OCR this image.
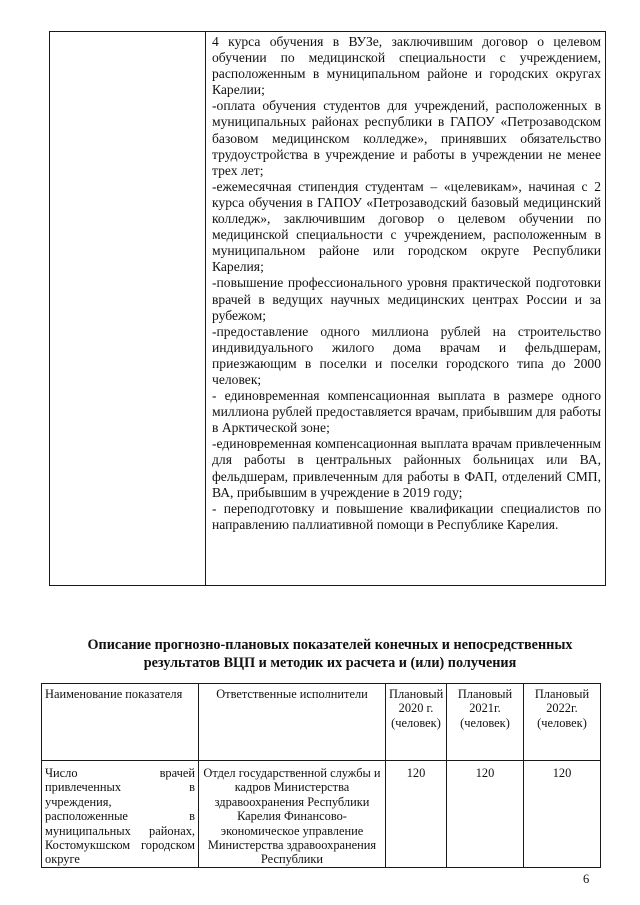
4 курса обучения в ВУЗе, заключившим договор о целевом обучении по медицинской специальности с учреждением, расположенным в муниципальном районе и городских округах Карелии;

-оплата обучения студентов для учреждений, расположенных в муниципальных районах республики в ГАПОУ «Петрозаводском базовом медицинском колледже», принявших обязательство трудоустройства в учреждение и работы в учреждении не менее трех лет;

-ежемесячная стипендия студентам – «целевикам», начиная с 2 курса обучения в ГАПОУ «Петрозаводский базовый медицинский колледж», заключившим договор о целевом обучении по медицинской специальности с учреждением, расположенным в муниципальном районе или городском округе Республики Карелия;

-повышение профессионального уровня практической подготовки врачей в ведущих научных медицинских центрах России и за рубежом;

-предоставление одного миллиона рублей на строительство индивидуального жилого дома врачам и фельдшерам, приезжающим в поселки и поселки городского типа до 2000 человек;

- единовременная компенсационная выплата в размере одного миллиона рублей предоставляется врачам, прибывшим для работы в Арктической зоне;

-единовременная компенсационная выплата врачам привлеченным для работы в центральных районных больницах или ВА, фельдшерам, привлеченным для работы в ФАП, отделений СМП, ВА, прибывшим в учреждение в 2019 году;

- переподготовку и повышение квалификации специалистов по направлению паллиативной помощи в Республике Карелия.

Описание прогнозно-плановых показателей конечных и непосредственных результатов ВЦП и методик их расчета и (или) получения
Наименование показателя	Ответственные исполнители	Плановый 2020 г. (человек)	Плановый 2021г. (человек)	Плановый 2022г. (человек)
Число врачей привлеченных в учреждения, расположенные в муниципальных районах, Костомукшском городском округе	Отдел государственной службы и кадров Министерства здравоохранения Республики Карелия Финансово-экономическое управление Министерства здравоохранения Республики	120	120	120

6
